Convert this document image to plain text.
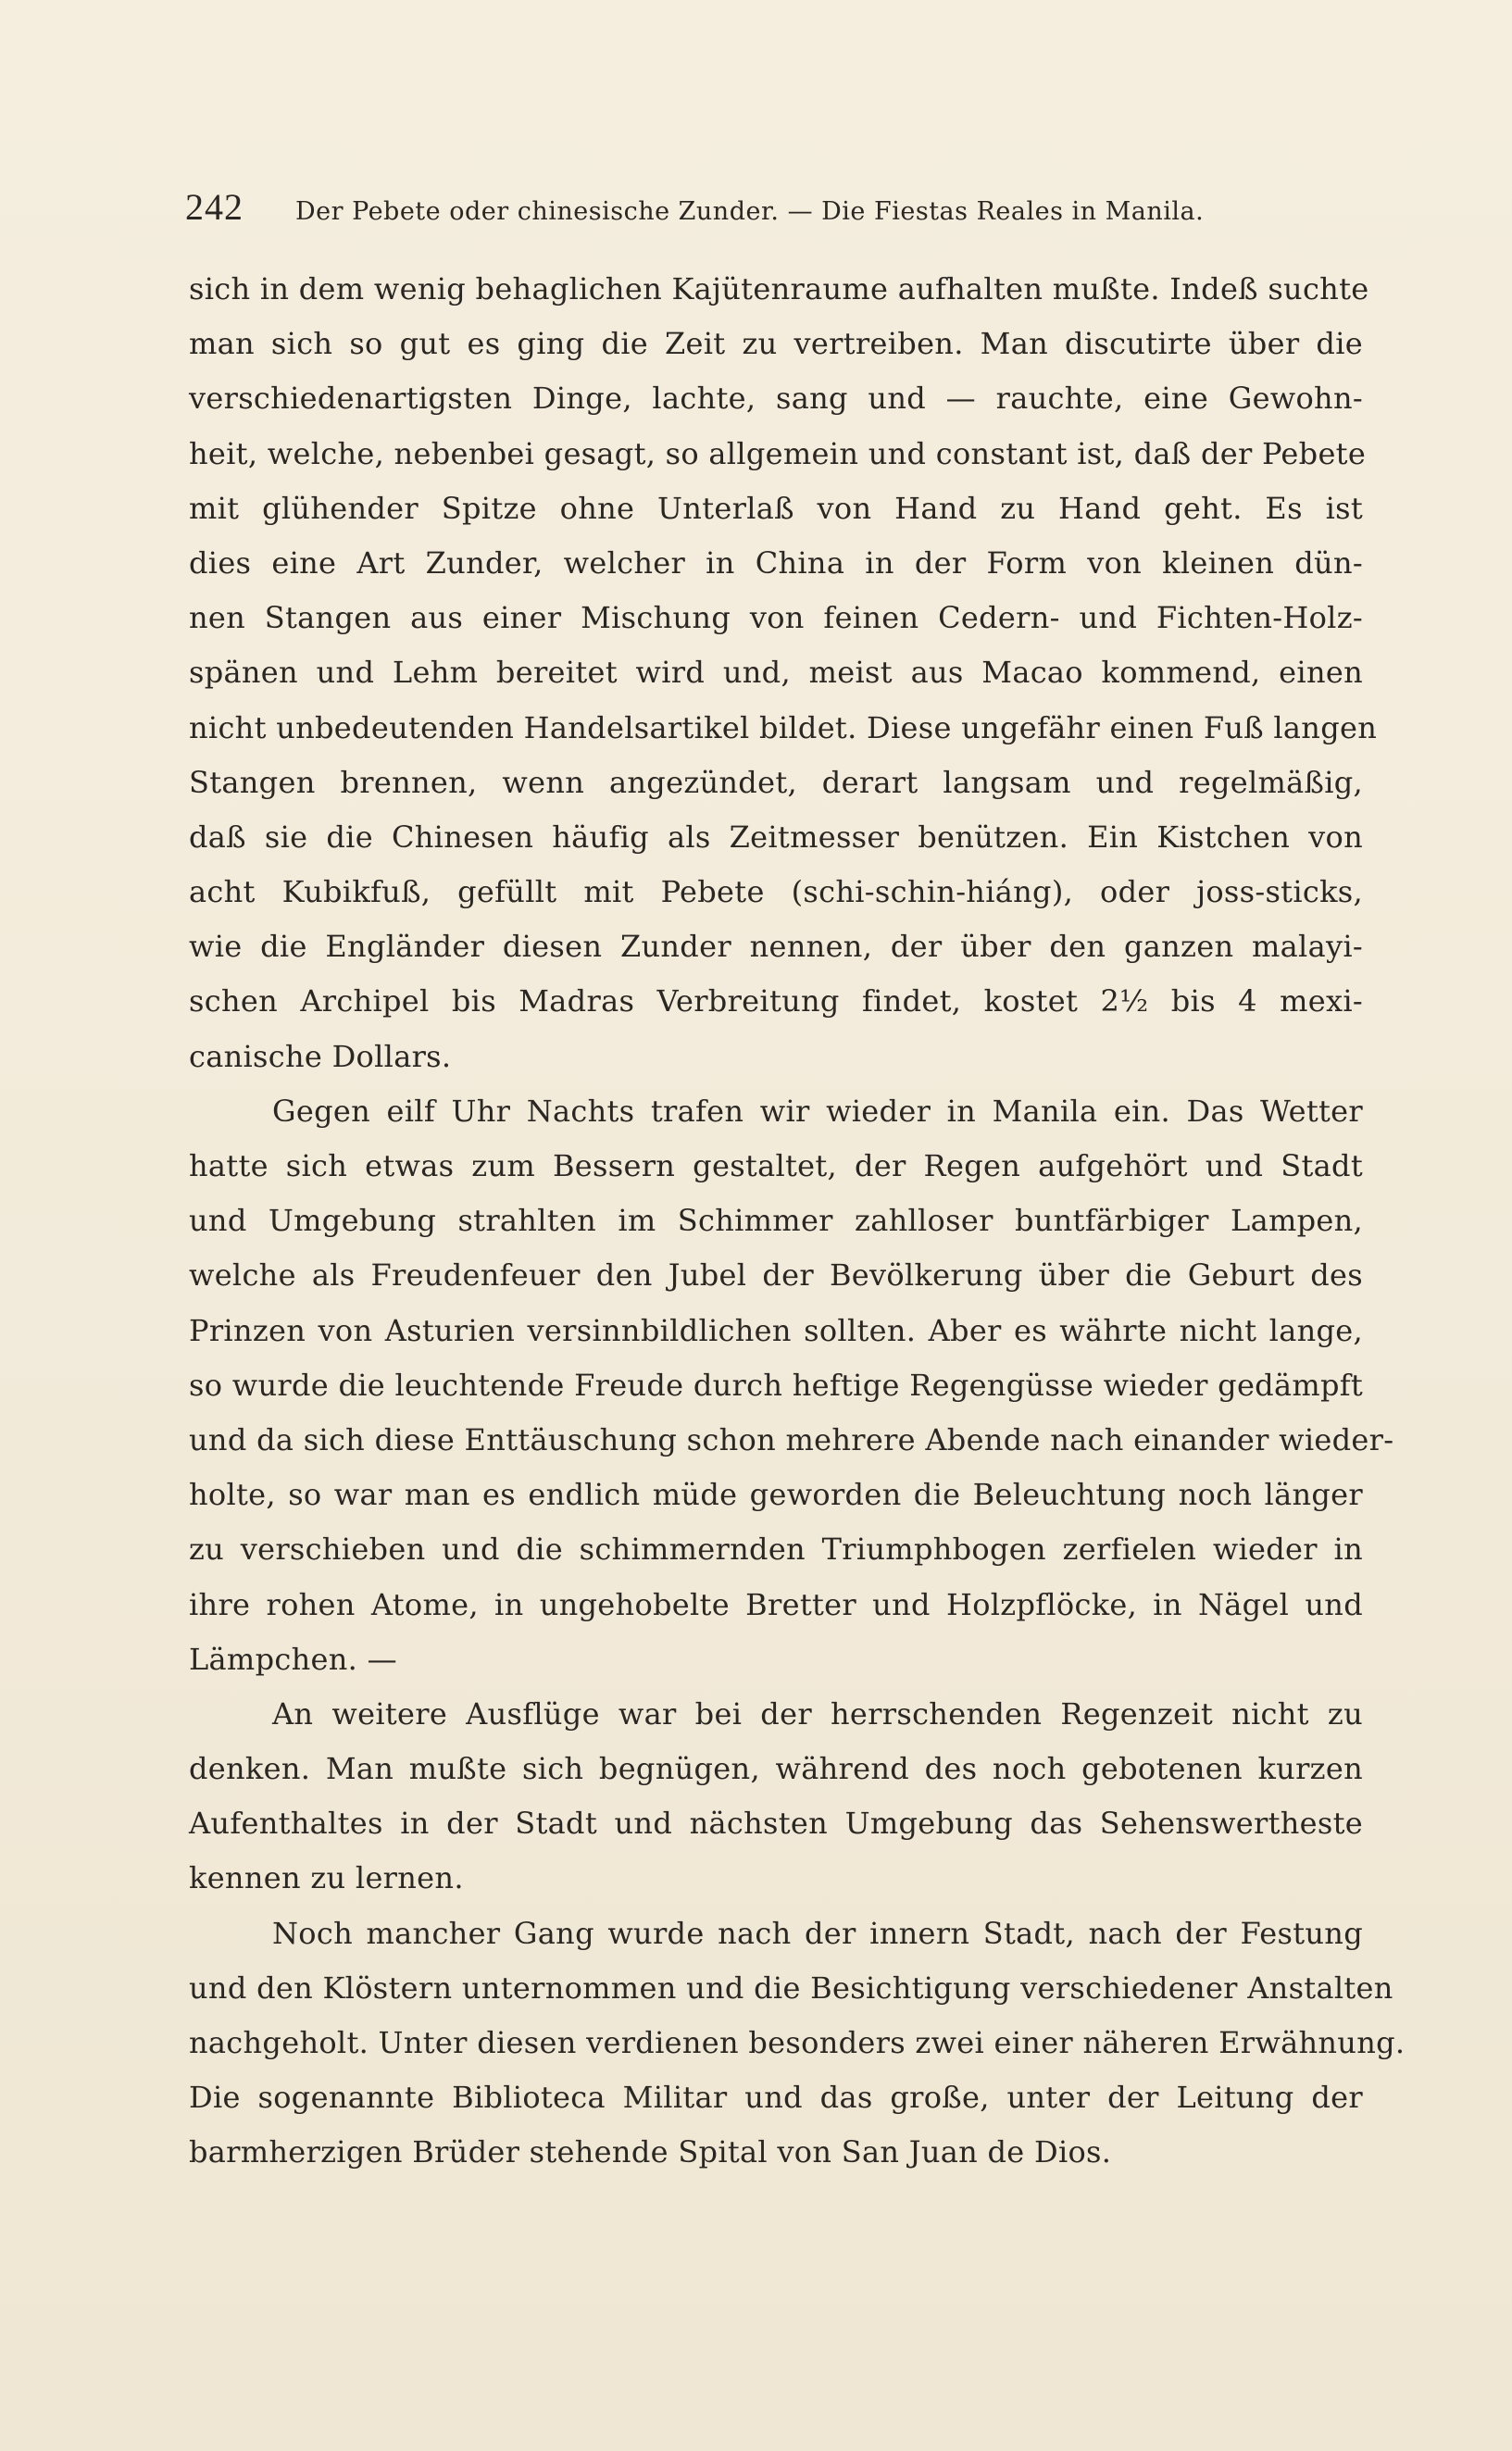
242 Der Pebete oder chinesische Zunder. — Die Fiestas Reales in Manila.
sich in dem wenig behaglichen Kajütenraume aufhalten mußte. Indeß suchte
man sich so gut es ging die Zeit zu vertreiben. Man discutirte über die
verschiedenartigsten Dinge, lachte, sang und — rauchte, eine Gewohn-
heit, welche, nebenbei gesagt, so allgemein und constant ist, daß der Pebete
mit glühender Spitze ohne Unterlaß von Hand zu Hand geht. Es ist
dies eine Art Zunder, welcher in China in der Form von kleinen dün-
nen Stangen aus einer Mischung von feinen Cedern- und Fichten-Holz-
spänen und Lehm bereitet wird und, meist aus Macao kommend, einen
nicht unbedeutenden Handelsartikel bildet. Diese ungefähr einen Fuß langen
Stangen brennen, wenn angezündet, derart langsam und regelmäßig,
daß sie die Chinesen häufig als Zeitmesser benützen. Ein Kistchen von
acht Kubikfuß, gefüllt mit Pebete (schi-schin-hiáng), oder joss-sticks,
wie die Engländer diesen Zunder nennen, der über den ganzen malayi-
schen Archipel bis Madras Verbreitung findet, kostet 2½ bis 4 mexi-
canische Dollars.
Gegen eilf Uhr Nachts trafen wir wieder in Manila ein. Das Wetter
hatte sich etwas zum Bessern gestaltet, der Regen aufgehört und Stadt
und Umgebung strahlten im Schimmer zahlloser buntfärbiger Lampen,
welche als Freudenfeuer den Jubel der Bevölkerung über die Geburt des
Prinzen von Asturien versinnbildlichen sollten. Aber es währte nicht lange,
so wurde die leuchtende Freude durch heftige Regengüsse wieder gedämpft
und da sich diese Enttäuschung schon mehrere Abende nach einander wieder-
holte, so war man es endlich müde geworden die Beleuchtung noch länger
zu verschieben und die schimmernden Triumphbogen zerfielen wieder in
ihre rohen Atome, in ungehobelte Bretter und Holzpflöcke, in Nägel und
Lämpchen. —
An weitere Ausflüge war bei der herrschenden Regenzeit nicht zu
denken. Man mußte sich begnügen, während des noch gebotenen kurzen
Aufenthaltes in der Stadt und nächsten Umgebung das Sehenswertheste
kennen zu lernen.
Noch mancher Gang wurde nach der innern Stadt, nach der Festung
und den Klöstern unternommen und die Besichtigung verschiedener Anstalten
nachgeholt. Unter diesen verdienen besonders zwei einer näheren Erwähnung.
Die sogenannte Biblioteca Militar und das große, unter der Leitung der
barmherzigen Brüder stehende Spital von San Juan de Dios.
